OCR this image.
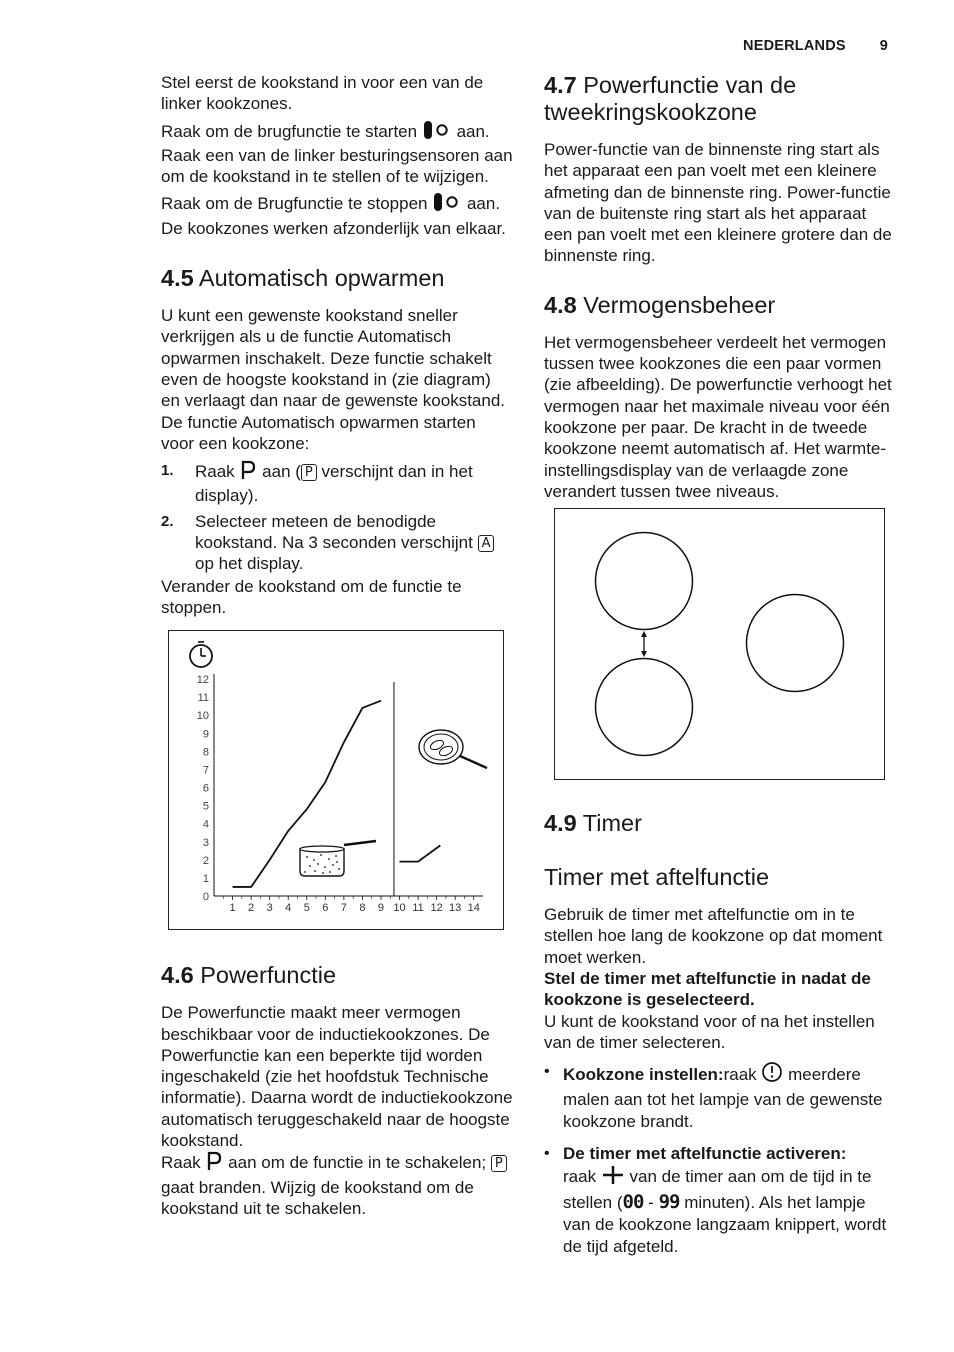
NEDERLANDS 9

Stel eerst de kookstand in voor een van de linker kookzones.

Raak om de brugfunctie te starten aan. Raak een van de linker besturingsensoren aan om de kookstand in te stellen of te wijzigen.

Raak om de Brugfunctie te stoppen aan. De kookzones werken afzonderlijk van elkaar.

4.5 Automatisch opwarmen

U kunt een gewenste kookstand sneller verkrijgen als u de functie Automatisch opwarmen inschakelt. Deze functie schakelt even de hoogste kookstand in (zie diagram) en verlaagt dan naar de gewenste kookstand.

De functie Automatisch opwarmen starten voor een kookzone:

1. Raak aan ( P verschijnt dan in het display).
2. Selecteer meteen de benodigde kookstand. Na 3 seconden verschijnt A op het display.

Verander de kookstand om de functie te stoppen.

0
1
2
3
4
5
6
7
8
9
10
11
12
1 2 3 4 5 6 7 8 9 10 11 12 13 14
4.6 Powerfunctie

De Powerfunctie maakt meer vermogen beschikbaar voor de inductiekookzones. De Powerfunctie kan een beperkte tijd worden ingeschakeld (zie het hoofdstuk Technische informatie). Daarna wordt de inductiekookzone automatisch teruggeschakeld naar de hoogste kookstand.

Raak aan om de functie in te schakelen; P gaat branden. Wijzig de kookstand om de kookstand uit te schakelen.

4.7 Powerfunctie van de tweekringskookzone

Power-functie van de binnenste ring start als het apparaat een pan voelt met een kleinere afmeting dan de binnenste ring. Power-functie van de buitenste ring start als het apparaat een pan voelt met een kleinere grotere dan de binnenste ring.

4.8 Vermogensbeheer

Het vermogensbeheer verdeelt het vermogen tussen twee kookzones die een paar vormen (zie afbeelding). De powerfunctie verhoogt het vermogen naar het maximale niveau voor één kookzone per paar. De kracht in de tweede kookzone neemt automatisch af. Het warmte-instellingsdisplay van de verlaagde zone verandert tussen twee niveaus.

4.9 Timer
Timer met aftelfunctie

Gebruik de timer met aftelfunctie om in te stellen hoe lang de kookzone op dat moment moet werken.

Stel de timer met aftelfunctie in nadat de kookzone is geselecteerd.

U kunt de kookstand voor of na het instellen van de timer selecteren.

• Kookzone instellen:raak meerdere malen aan tot het lampje van de gewenste kookzone brandt.
• De timer met aftelfunctie activeren:
raak van de timer aan om de tijd in te stellen (00 - 99 minuten). Als het lampje van de kookzone langzaam knippert, wordt de tijd afgeteld.
